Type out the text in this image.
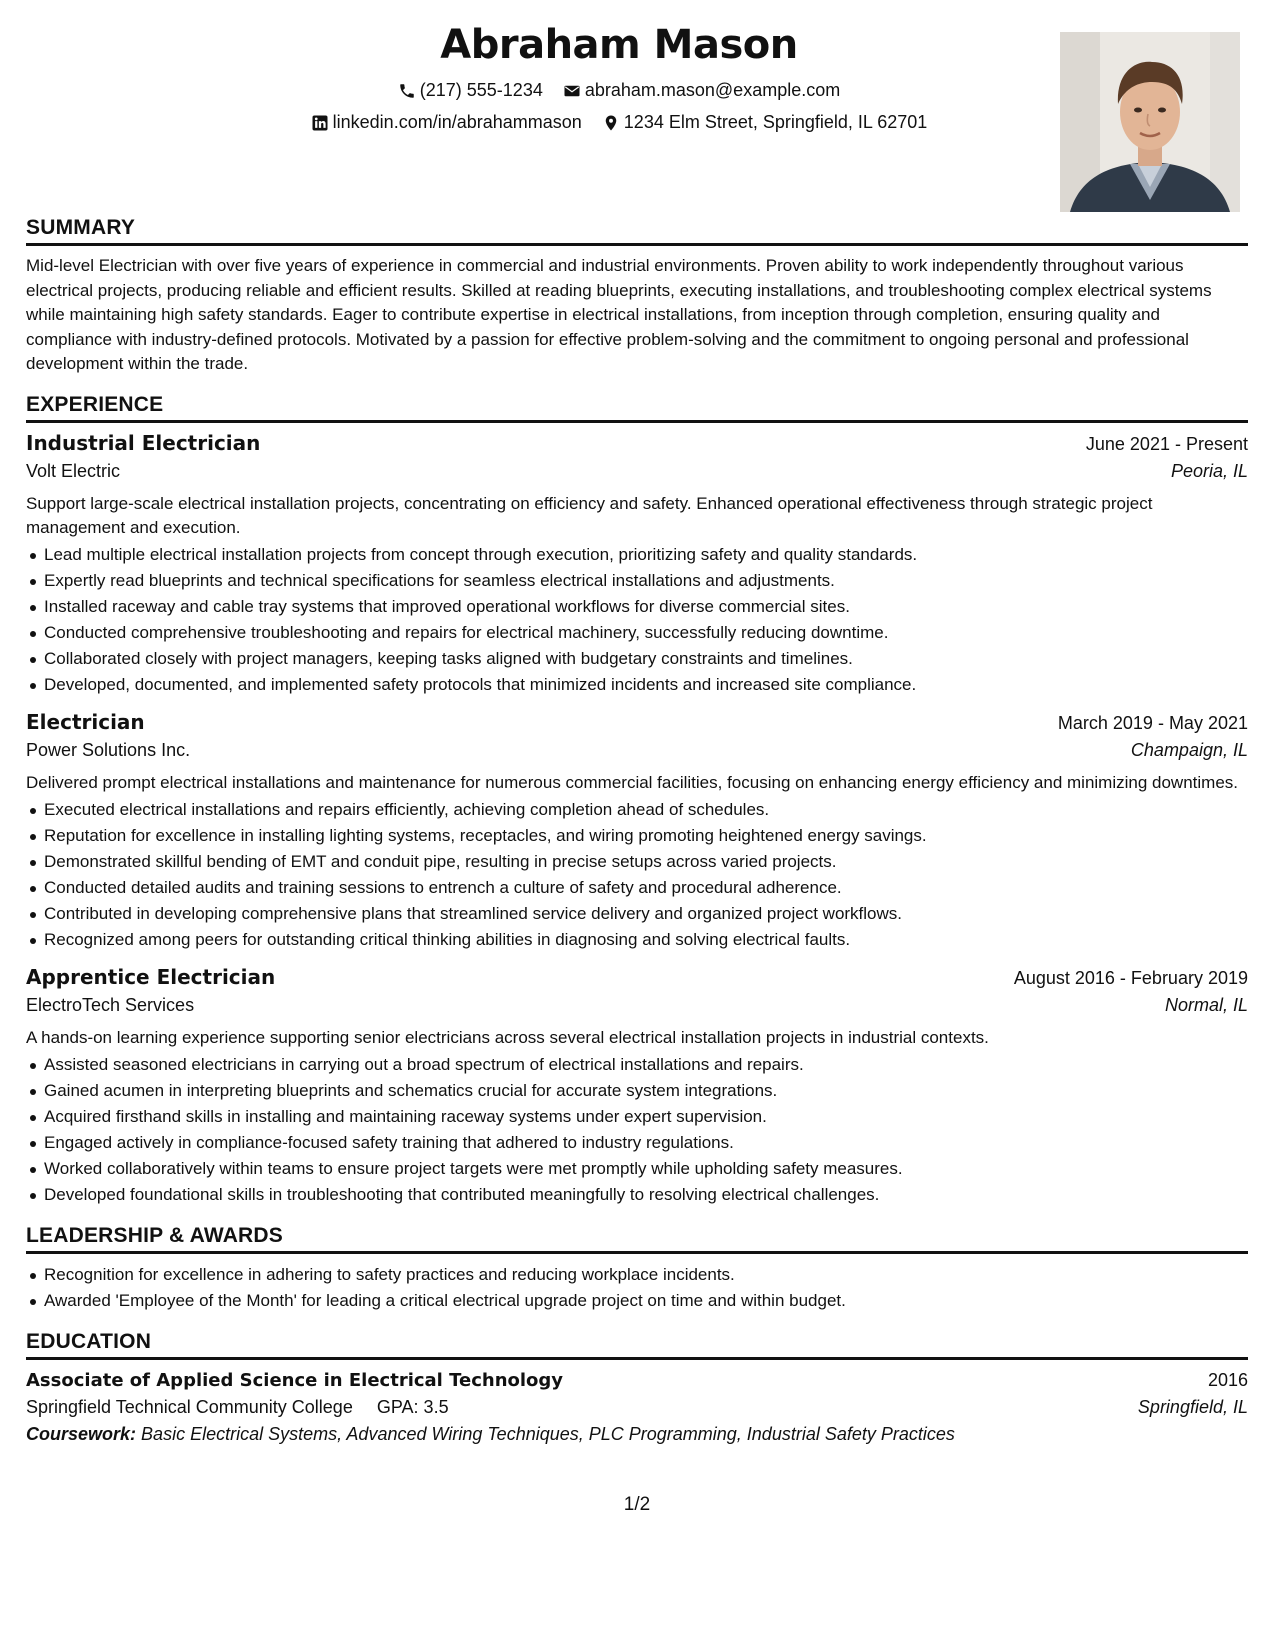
Abraham Mason
(217) 555-1234 abraham.mason@example.com
linkedin.com/in/abrahammason 1234 Elm Street, Springfield, IL 62701
SUMMARY

Mid-level Electrician with over five years of experience in commercial and industrial environments. Proven ability to work independently throughout various electrical projects, producing reliable and efficient results. Skilled at reading blueprints, executing installations, and troubleshooting complex electrical systems while maintaining high safety standards. Eager to contribute expertise in electrical installations, from inception through completion, ensuring quality and compliance with industry-defined protocols. Motivated by a passion for effective problem-solving and the commitment to ongoing personal and professional development within the trade.

EXPERIENCE
Industrial Electrician	June 2021 - Present
Volt Electric	Peoria, IL

Support large-scale electrical installation projects, concentrating on efficiency and safety. Enhanced operational effectiveness through strategic project management and execution.

Lead multiple electrical installation projects from concept through execution, prioritizing safety and quality standards.
Expertly read blueprints and technical specifications for seamless electrical installations and adjustments.
Installed raceway and cable tray systems that improved operational workflows for diverse commercial sites.
Conducted comprehensive troubleshooting and repairs for electrical machinery, successfully reducing downtime.
Collaborated closely with project managers, keeping tasks aligned with budgetary constraints and timelines.
Developed, documented, and implemented safety protocols that minimized incidents and increased site compliance.
Electrician	March 2019 - May 2021
Power Solutions Inc.	Champaign, IL

Delivered prompt electrical installations and maintenance for numerous commercial facilities, focusing on enhancing energy efficiency and minimizing downtimes.

Executed electrical installations and repairs efficiently, achieving completion ahead of schedules.
Reputation for excellence in installing lighting systems, receptacles, and wiring promoting heightened energy savings.
Demonstrated skillful bending of EMT and conduit pipe, resulting in precise setups across varied projects.
Conducted detailed audits and training sessions to entrench a culture of safety and procedural adherence.
Contributed in developing comprehensive plans that streamlined service delivery and organized project workflows.
Recognized among peers for outstanding critical thinking abilities in diagnosing and solving electrical faults.
Apprentice Electrician	August 2016 - February 2019
ElectroTech Services	Normal, IL

A hands-on learning experience supporting senior electricians across several electrical installation projects in industrial contexts.

Assisted seasoned electricians in carrying out a broad spectrum of electrical installations and repairs.
Gained acumen in interpreting blueprints and schematics crucial for accurate system integrations.
Acquired firsthand skills in installing and maintaining raceway systems under expert supervision.
Engaged actively in compliance-focused safety training that adhered to industry regulations.
Worked collaboratively within teams to ensure project targets were met promptly while upholding safety measures.
Developed foundational skills in troubleshooting that contributed meaningfully to resolving electrical challenges.
LEADERSHIP & AWARDS
Recognition for excellence in adhering to safety practices and reducing workplace incidents.
Awarded 'Employee of the Month' for leading a critical electrical upgrade project on time and within budget.
EDUCATION
Associate of Applied Science in Electrical Technology	2016
Springfield Technical Community College GPA: 3.5	Springfield, IL
Coursework: Basic Electrical Systems, Advanced Wiring Techniques, PLC Programming, Industrial Safety Practices
1/2
